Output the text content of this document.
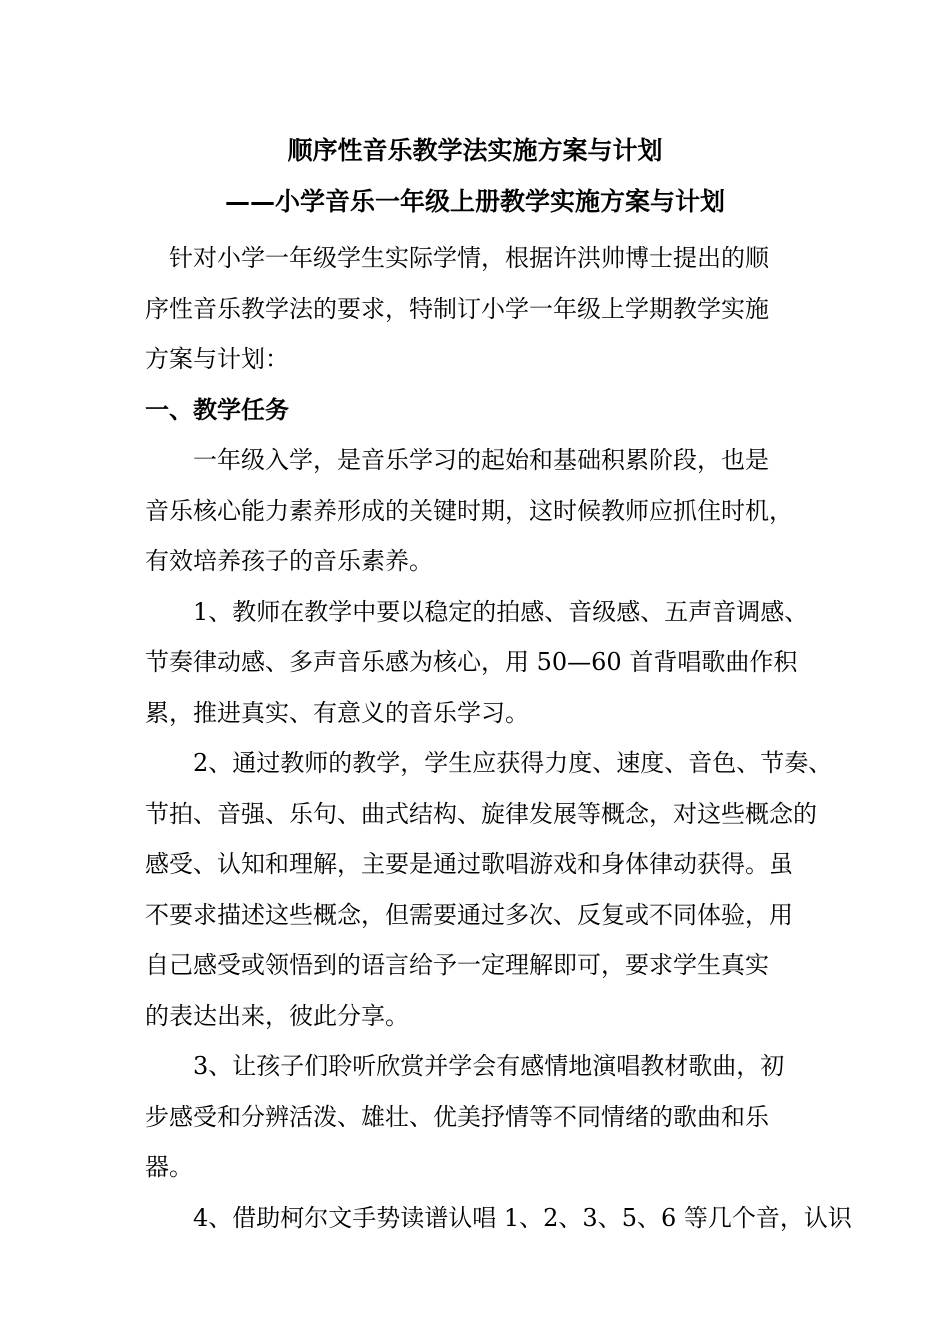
顺序性音乐教学法实施方案与计划
——小学音乐一年级上册教学实施方案与计划

针对小学一年级学生实际学情，根据许洪帅博士提出的顺
序性音乐教学法的要求，特制订小学一年级上学期教学实施
方案与计划：

一、教学任务

一年级入学，是音乐学习的起始和基础积累阶段，也是
音乐核心能力素养形成的关键时期，这时候教师应抓住时机，
有效培养孩子的音乐素养。

1、教师在教学中要以稳定的拍感、音级感、五声音调感、
节奏律动感、多声音乐感为核心，用 50—60 首背唱歌曲作积
累，推进真实、有意义的音乐学习。

2、通过教师的教学，学生应获得力度、速度、音色、节奏、
节拍、音强、乐句、曲式结构、旋律发展等概念，对这些概念的
感受、认知和理解，主要是通过歌唱游戏和身体律动获得。虽
不要求描述这些概念，但需要通过多次、反复或不同体验，用
自己感受或领悟到的语言给予一定理解即可，要求学生真实
的表达出来，彼此分享。

3、让孩子们聆听欣赏并学会有感情地演唱教材歌曲，初
步感受和分辨活泼、雄壮、优美抒情等不同情绪的歌曲和乐
器。

4、借助柯尔文手势读谱认唱 1、2、3、5、6 等几个音，认识
